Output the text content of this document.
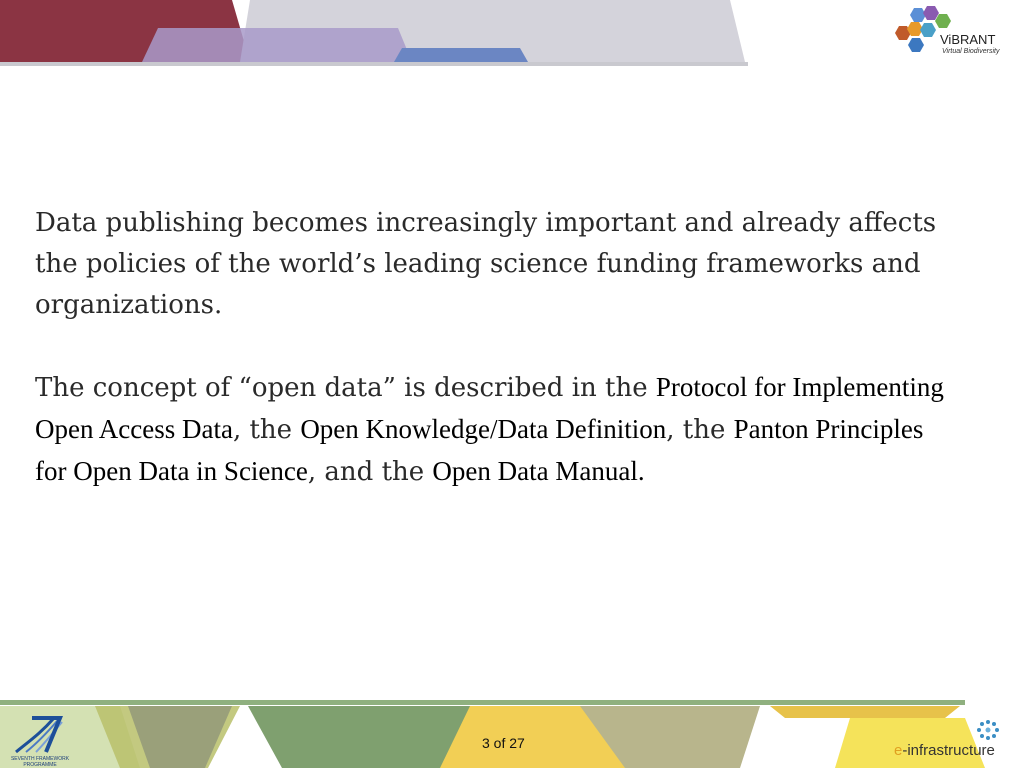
ViBRANT
Virtual Biodiversity

Data publishing becomes increasingly important and already affects the policies of the world’s leading science funding frameworks and organizations.

The concept of “open data” is described in the Protocol for Implementing Open Access Data, the Open Knowledge/Data Definition, the Panton Principles for Open Data in Science, and the Open Data Manual.

3 of 27
SEVENTH FRAMEWORK
PROGRAMME
e-infrastructure
